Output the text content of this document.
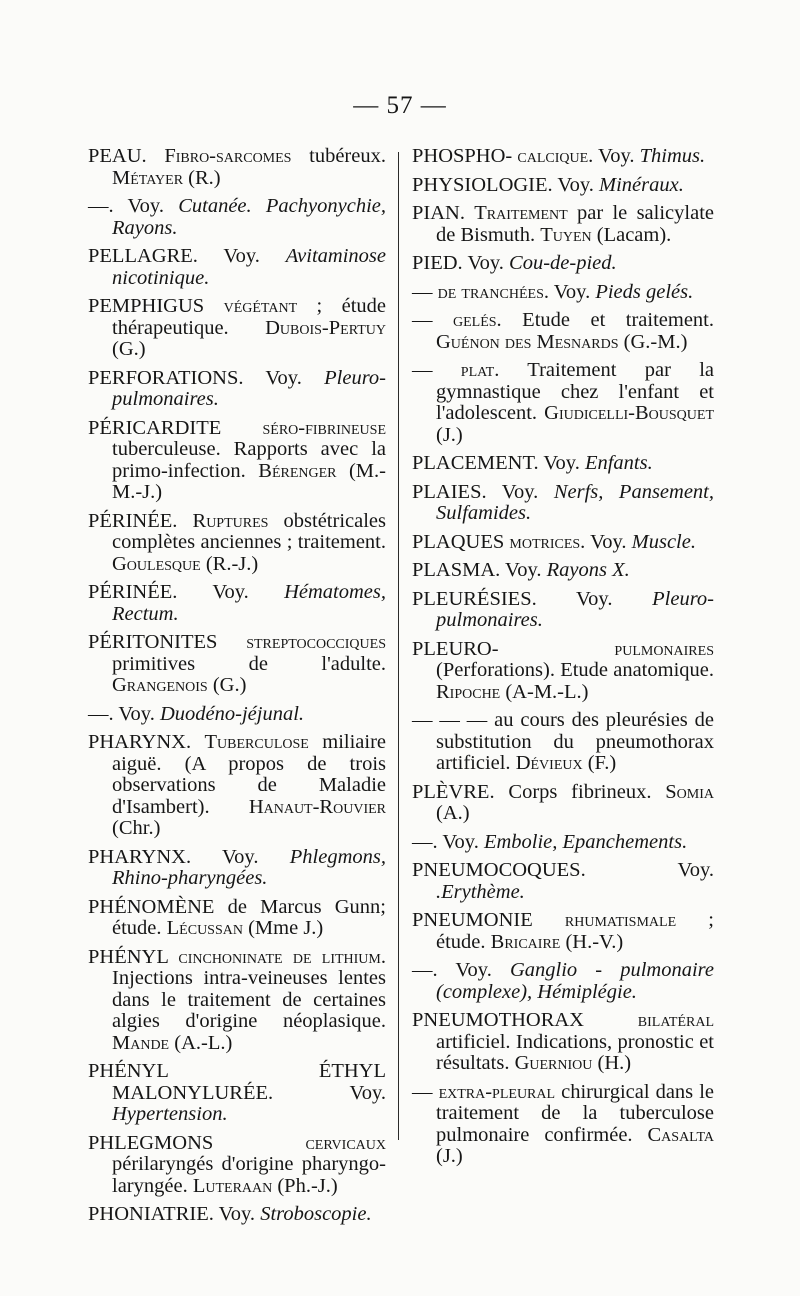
— 57 —

PEAU. Fibro-sarcomes tubéreux. Métayer (R.)

—. Voy. Cutanée. Pachyonychie, Rayons.

PELLAGRE. Voy. Avitaminose nicotinique.

PEMPHIGUS végétant ; étude thérapeutique. Dubois-Pertuy (G.)

PERFORATIONS. Voy. Pleuro-pulmonaires.

PÉRICARDITE séro-fibrineuse tuberculeuse. Rapports avec la primo-infection. Bérenger (M.-M.-J.)

PÉRINÉE. Ruptures obstétricales complètes anciennes ; traitement. Goulesque (R.-J.)

PÉRINÉE. Voy. Hématomes, Rectum.

PÉRITONITES streptococciques primitives de l'adulte. Grangenois (G.)

—. Voy. Duodéno-jéjunal.

PHARYNX. Tuberculose miliaire aiguë. (A propos de trois observations de Maladie d'Isambert). Hanaut-Rouvier (Chr.)

PHARYNX. Voy. Phlegmons, Rhino-pharyngées.

PHÉNOMÈNE de Marcus Gunn; étude. Lécussan (Mme J.)

PHÉNYL cinchoninate de lithium. Injections intra-veineuses lentes dans le traitement de certaines algies d'origine néoplasique. Mande (A.-L.)

PHÉNYL ÉTHYL MALONYLURÉE. Voy. Hypertension.

PHLEGMONS	cervicaux périlaryngés d'origine pharyngo-laryngée. Luteraan (Ph.-J.)

PHONIATRIE. Voy. Stroboscopie.

PHOSPHO- calcique. Voy. Thimus.

PHYSIOLOGIE. Voy. Minéraux.

PIAN. Traitement par le salicylate de Bismuth. Tuyen (Lacam).

PIED. Voy. Cou-de-pied.

— de tranchées. Voy. Pieds gelés.

— gelés. Etude et traitement. Guénon des Mesnards (G.-M.)

— plat. Traitement par la gymnastique chez l'enfant et l'adolescent. Giudicelli-Bousquet (J.)

PLACEMENT. Voy. Enfants.

PLAIES. Voy. Nerfs, Pansement, Sulfamides.

PLAQUES motrices. Voy. Muscle.

PLASMA. Voy. Rayons X.

PLEURÉSIES. Voy. Pleuro-pulmonaires.

PLEURO-	pulmonaires (Perforations). Etude anatomique. Ripoche (A-M.-L.)

— — — au cours des pleurésies de substitution du pneumothorax artificiel. Dévieux (F.)

PLÈVRE. Corps fibrineux. Somia (A.)

—. Voy. Embolie, Epanchements.

PNEUMOCOQUES. Voy. .Erythème.

PNEUMONIE rhumatismale ; étude. Bricaire (H.-V.)

—. Voy. Ganglio - pulmonaire (complexe), Hémiplégie.

PNEUMOTHORAX	bilatéral artificiel. Indications, pronostic et résultats. Guerniou (H.)

— extra-pleural chirurgical dans le traitement de la tuberculose pulmonaire confirmée. Casalta (J.)
